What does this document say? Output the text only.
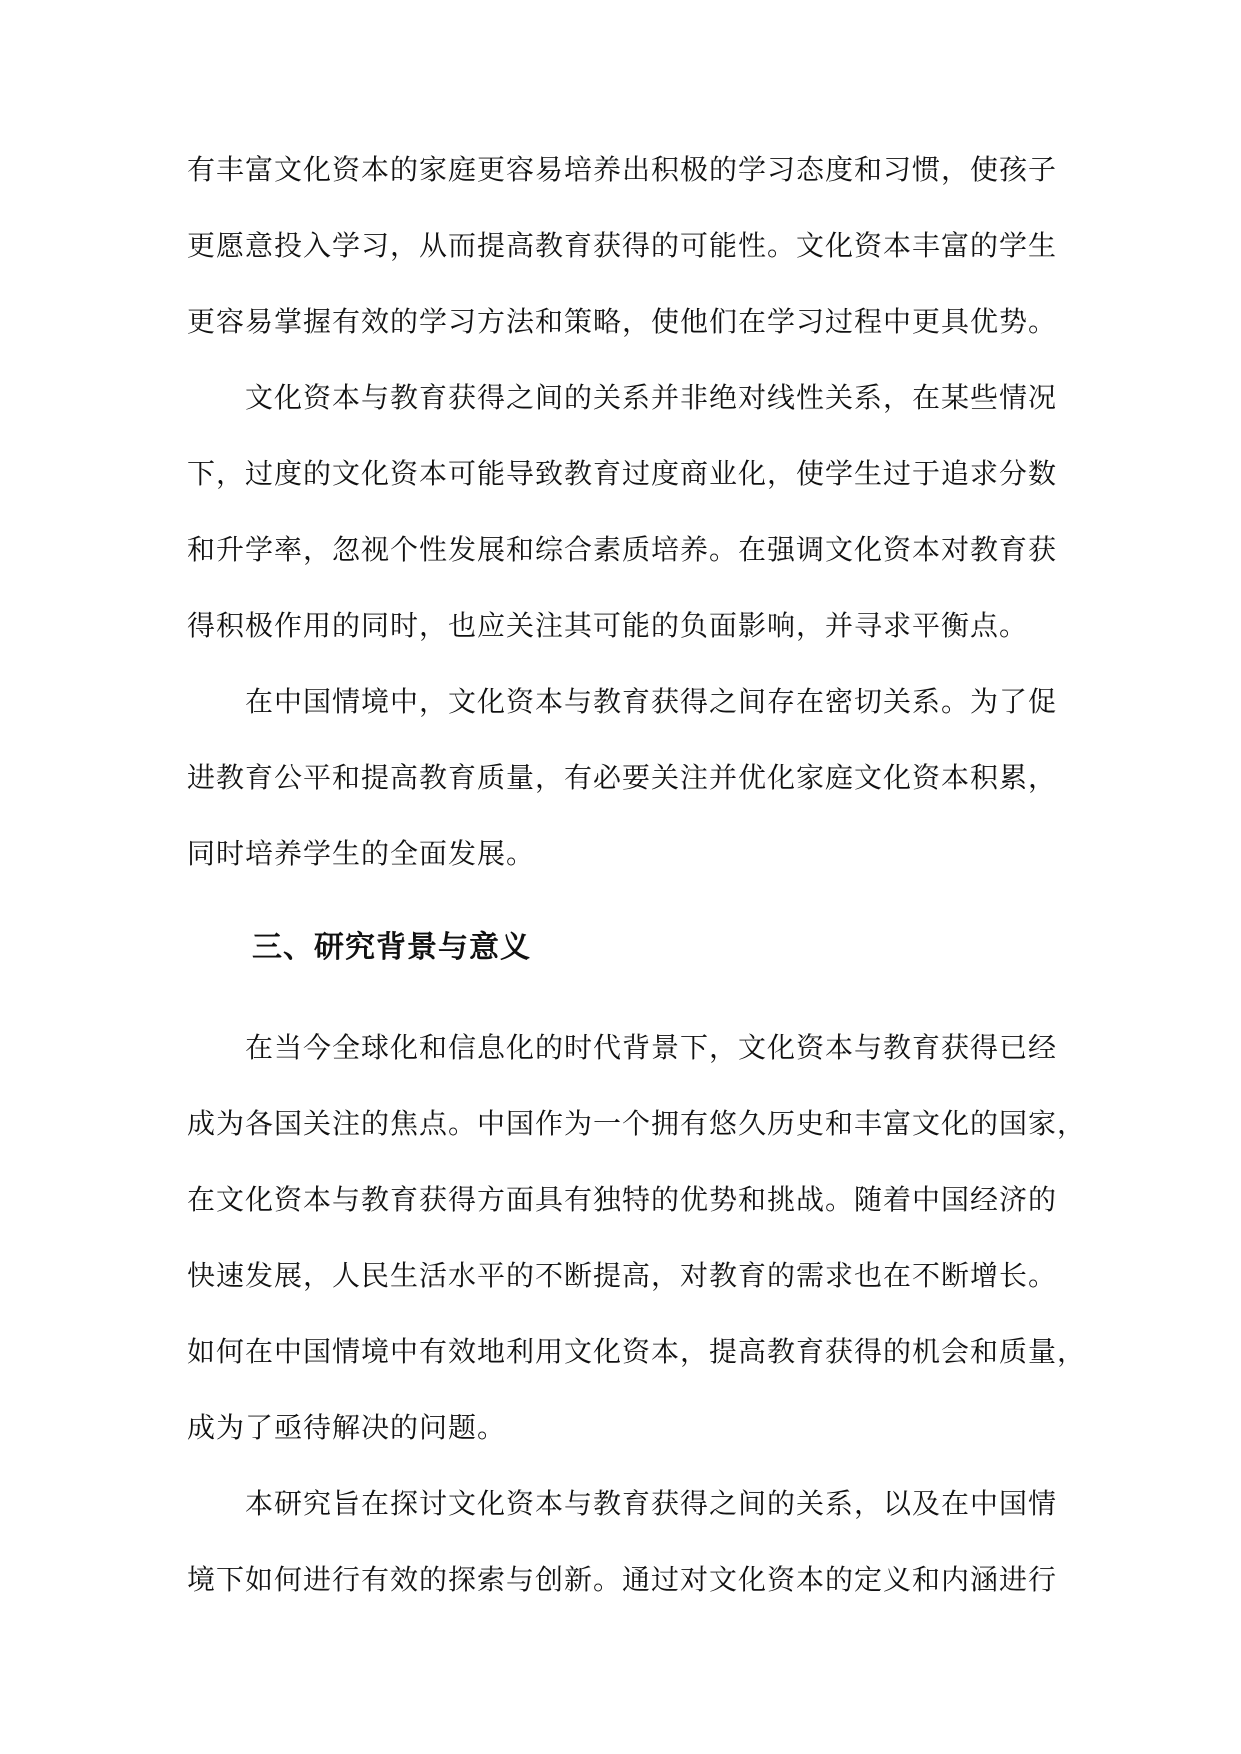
有丰富文化资本的家庭更容易培养出积极的学习态度和习惯，使孩子
更愿意投入学习，从而提高教育获得的可能性。文化资本丰富的学生
更容易掌握有效的学习方法和策略，使他们在学习过程中更具优势。
　　文化资本与教育获得之间的关系并非绝对线性关系，在某些情况
下，过度的文化资本可能导致教育过度商业化，使学生过于追求分数
和升学率，忽视个性发展和综合素质培养。在强调文化资本对教育获
得积极作用的同时，也应关注其可能的负面影响，并寻求平衡点。
　　在中国情境中，文化资本与教育获得之间存在密切关系。为了促
进教育公平和提高教育质量，有必要关注并优化家庭文化资本积累，
同时培养学生的全面发展。
三、研究背景与意义
　　在当今全球化和信息化的时代背景下，文化资本与教育获得已经
成为各国关注的焦点。中国作为一个拥有悠久历史和丰富文化的国家，
在文化资本与教育获得方面具有独特的优势和挑战。随着中国经济的
快速发展，人民生活水平的不断提高，对教育的需求也在不断增长。
如何在中国情境中有效地利用文化资本，提高教育获得的机会和质量，
成为了亟待解决的问题。
　　本研究旨在探讨文化资本与教育获得之间的关系，以及在中国情
境下如何进行有效的探索与创新。通过对文化资本的定义和内涵进行
